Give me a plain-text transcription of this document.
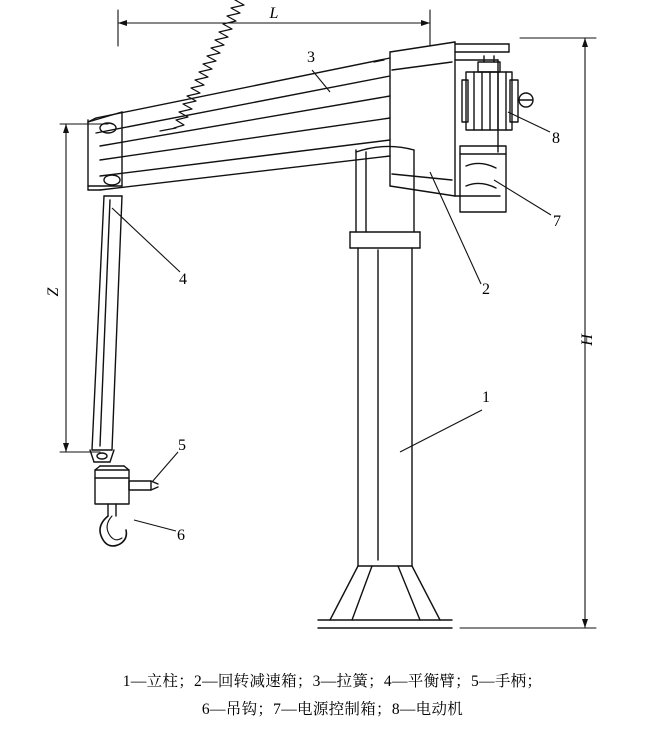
1
2
3
4
5
6
7
8
L
Z
H
1—立柱；2—回转减速箱；3—拉簧；4—平衡臂；5—手柄；
6—吊钩；7—电源控制箱；8—电动机
